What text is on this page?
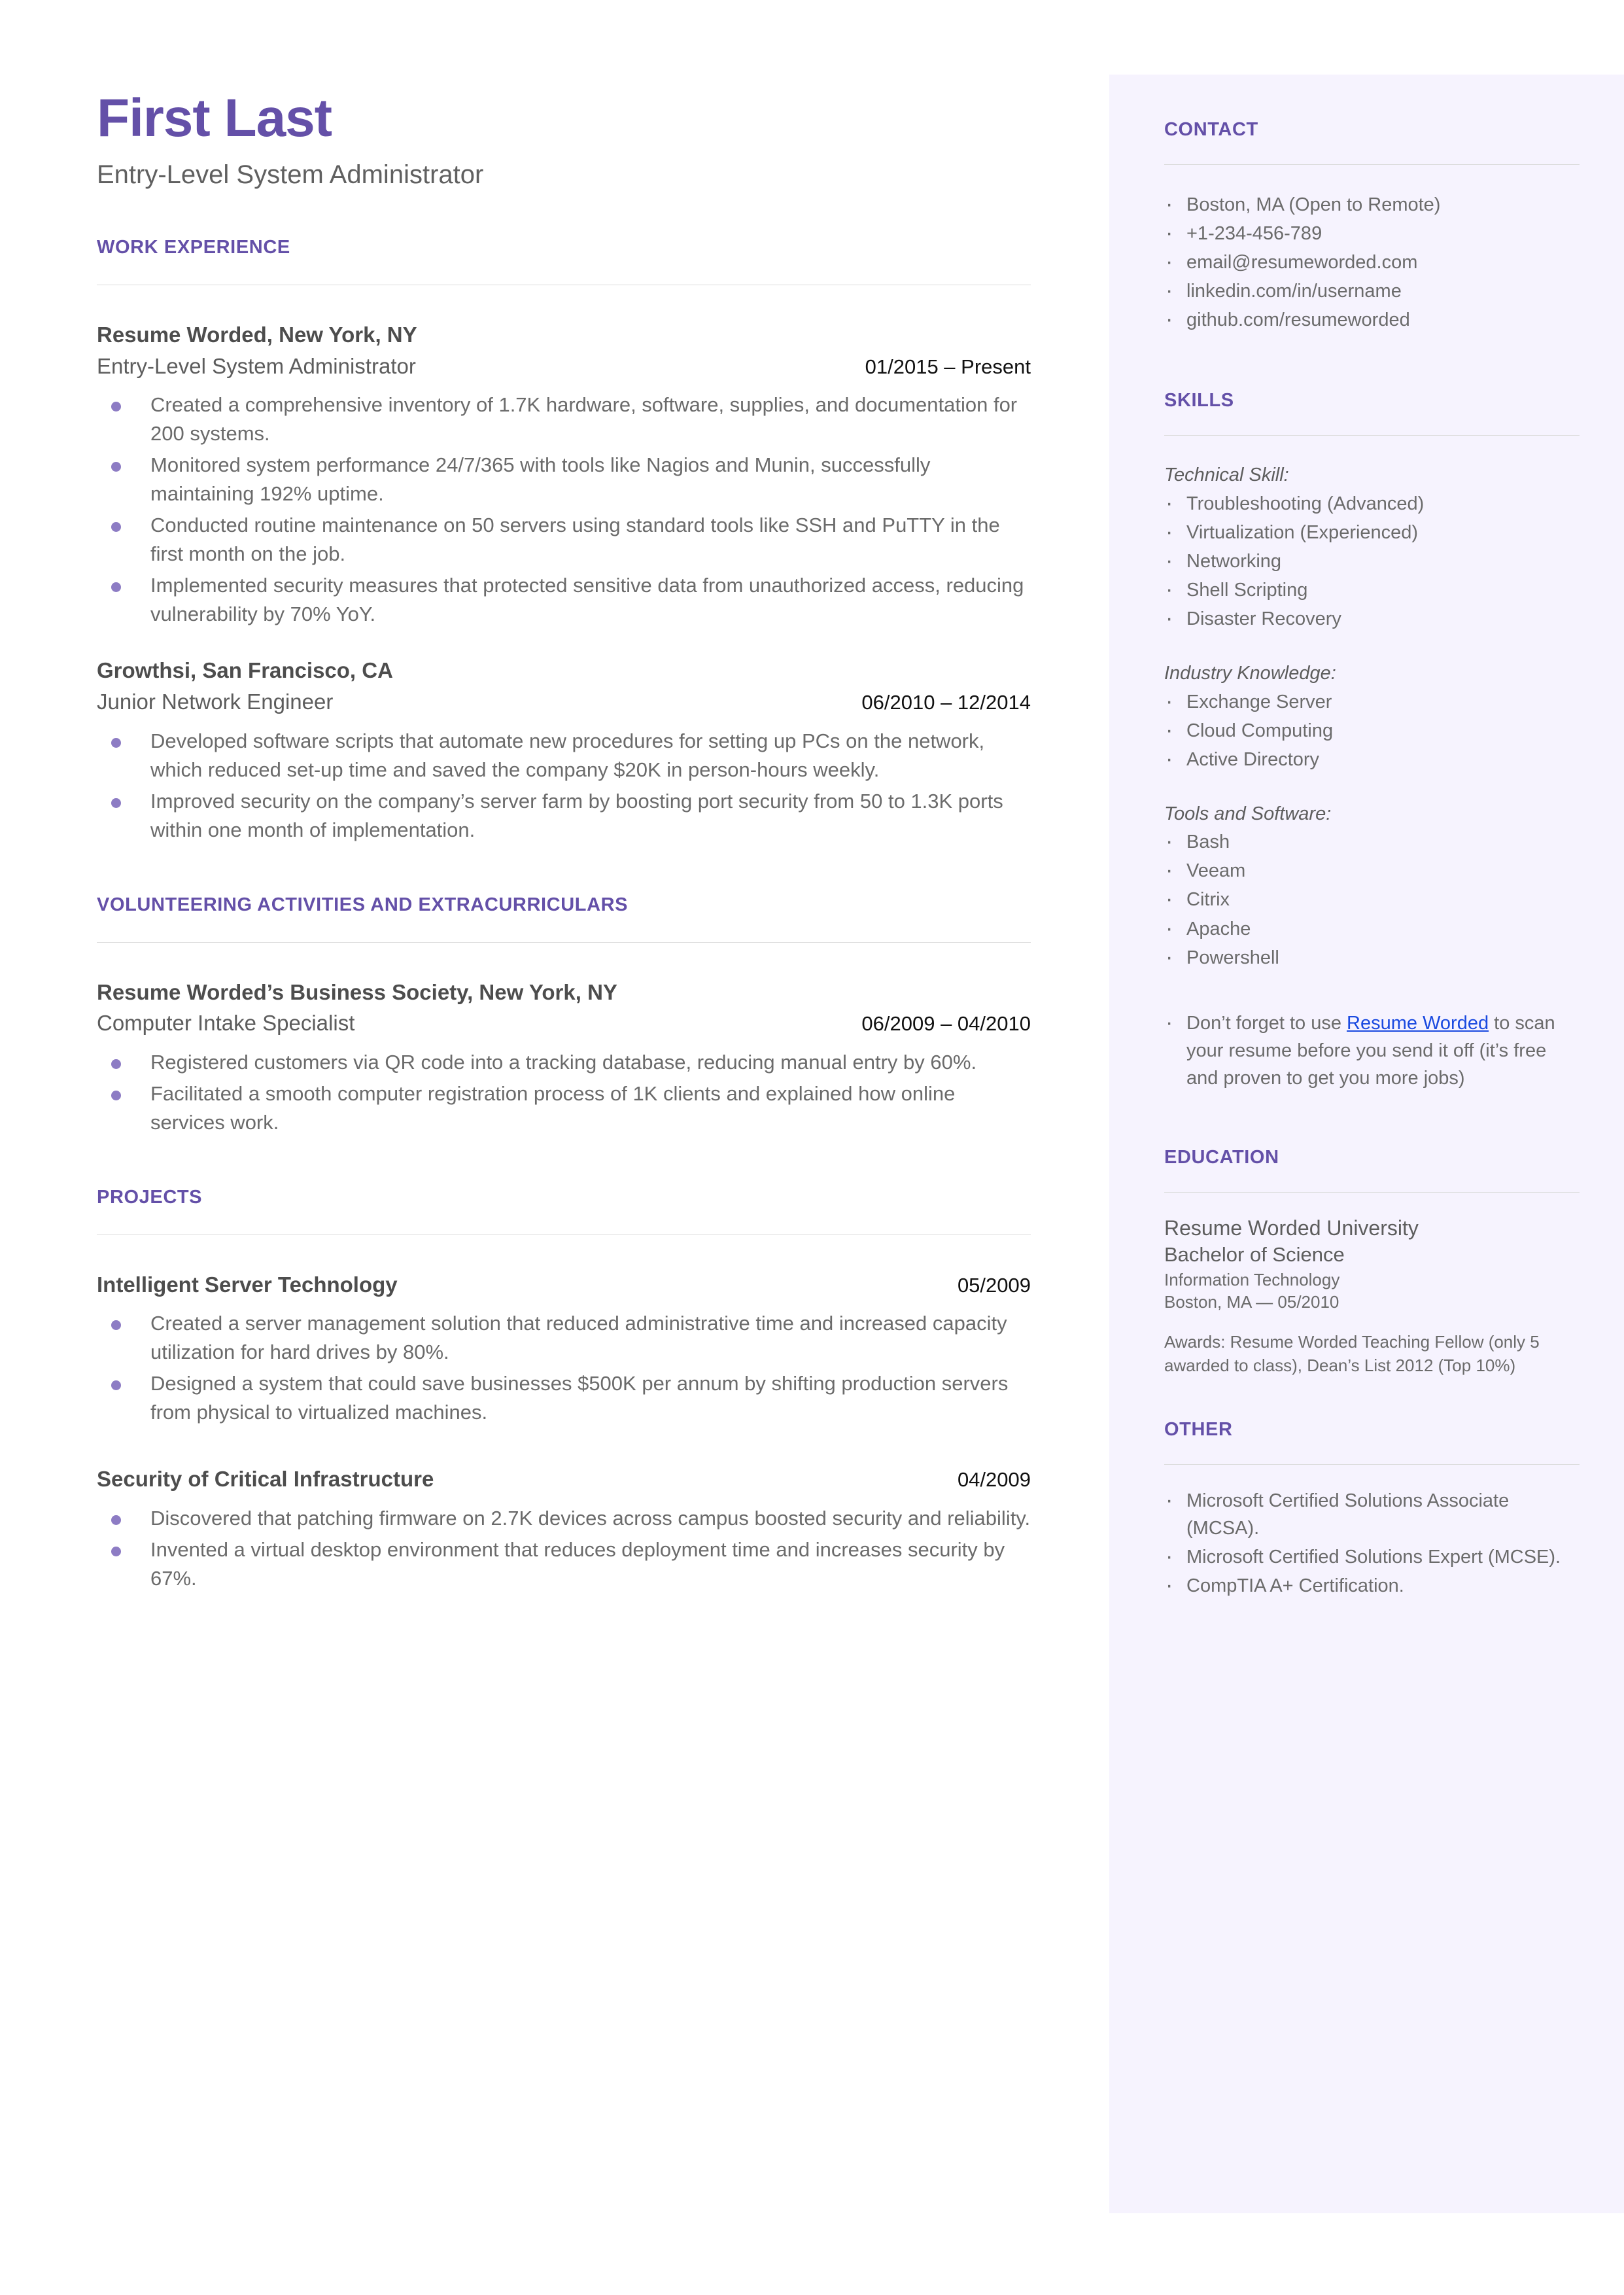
First Last
Entry-Level System Administrator
WORK EXPERIENCE
Resume Worded, New York, NY
Entry-Level System Administrator	01/2015 – Present
Created a comprehensive inventory of 1.7K hardware, software, supplies, and documentation for 200 systems.
Monitored system performance 24/7/365 with tools like Nagios and Munin, successfully maintaining 192% uptime.
Conducted routine maintenance on 50 servers using standard tools like SSH and PuTTY in the first month on the job.
Implemented security measures that protected sensitive data from unauthorized access, reducing vulnerability by 70% YoY.
Growthsi, San Francisco, CA
Junior Network Engineer	06/2010 – 12/2014
Developed software scripts that automate new procedures for setting up PCs on the network, which reduced set-up time and saved the company $20K in person-hours weekly.
Improved security on the company’s server farm by boosting port security from 50 to 1.3K ports within one month of implementation.
VOLUNTEERING ACTIVITIES AND EXTRACURRICULARS
Resume Worded’s Business Society, New York, NY
Computer Intake Specialist	06/2009 – 04/2010
Registered customers via QR code into a tracking database, reducing manual entry by 60%.
Facilitated a smooth computer registration process of 1K clients and explained how online services work.
PROJECTS
Intelligent Server Technology	05/2009
Created a server management solution that reduced administrative time and increased capacity utilization for hard drives by 80%.
Designed a system that could save businesses $500K per annum by shifting production servers from physical to virtualized machines.
Security of Critical Infrastructure	04/2009
Discovered that patching firmware on 2.7K devices across campus boosted security and reliability.
Invented a virtual desktop environment that reduces deployment time and increases security by 67%.
CONTACT
· Boston, MA (Open to Remote)
· +1-234-456-789
· email@resumeworded.com
· linkedin.com/in/username
· github.com/resumeworded
SKILLS
Technical Skill:
· Troubleshooting (Advanced)
· Virtualization (Experienced)
· Networking
· Shell Scripting
· Disaster Recovery
Industry Knowledge:
· Exchange Server
· Cloud Computing
· Active Directory
Tools and Software:
· Bash
· Veeam
· Citrix
· Apache
· Powershell
· Don’t forget to use Resume Worded to scan your resume before you send it off (it’s free and proven to get you more jobs)
EDUCATION
Resume Worded University
Bachelor of Science
Information Technology
Boston, MA — 05/2010
Awards: Resume Worded Teaching Fellow (only 5 awarded to class), Dean’s List 2012 (Top 10%)
OTHER
· Microsoft Certified Solutions Associate (MCSA).
· Microsoft Certified Solutions Expert (MCSE).
· CompTIA A+ Certification.
